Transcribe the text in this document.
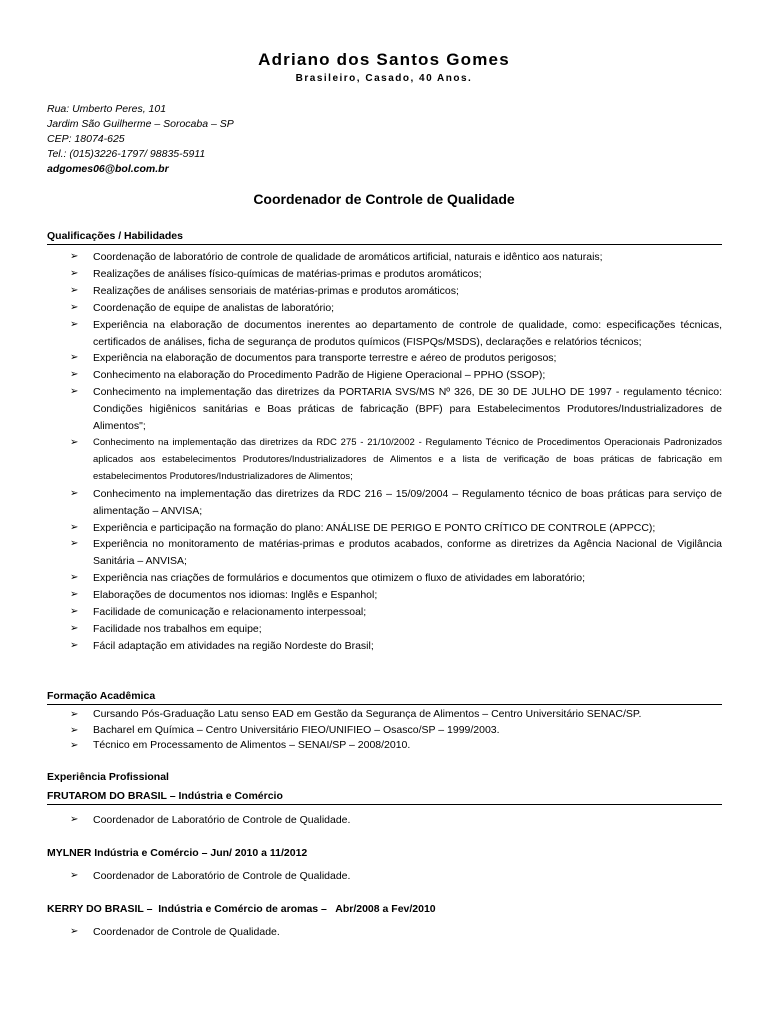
Adriano dos Santos Gomes
Brasileiro, Casado, 40 Anos.
Rua: Umberto Peres, 101
Jardim São Guilherme – Sorocaba – SP
CEP: 18074-625
Tel.: (015)3226-1797/ 98835-5911
adgomes06@bol.com.br
Coordenador de Controle de Qualidade
Qualificações / Habilidades
➢ Coordenação de laboratório de controle de qualidade de aromáticos artificial, naturais e idêntico aos naturais;
➢ Realizações de análises físico-químicas de matérias-primas e produtos aromáticos;
➢ Realizações de análises sensoriais de matérias-primas e produtos aromáticos;
➢ Coordenação de equipe de analistas de laboratório;
➢ Experiência na elaboração de documentos inerentes ao departamento de controle de qualidade, como: especificações técnicas, certificados de análises, ficha de segurança de produtos químicos (FISPQs/MSDS), declarações e relatórios técnicos;
➢ Experiência na elaboração de documentos para transporte terrestre e aéreo de produtos perigosos;
➢ Conhecimento na elaboração do Procedimento Padrão de Higiene Operacional – PPHO (SSOP);
➢ Conhecimento na implementação das diretrizes da PORTARIA SVS/MS Nº 326, DE 30 DE JULHO DE 1997 - regulamento técnico: Condições higiênicos sanitárias e Boas práticas de fabricação (BPF) para Estabelecimentos Produtores/Industrializadores de Alimentos";
➢ Conhecimento na implementação das diretrizes da RDC 275 - 21/10/2002 - Regulamento Técnico de Procedimentos Operacionais Padronizados aplicados aos estabelecimentos Produtores/Industrializadores de Alimentos e a lista de verificação de boas práticas de fabricação em estabelecimentos Produtores/Industrializadores de Alimentos;
➢ Conhecimento na implementação das diretrizes da RDC 216 – 15/09/2004 – Regulamento técnico de boas práticas para serviço de alimentação – ANVISA;
➢ Experiência e participação na formação do plano: ANÁLISE DE PERIGO E PONTO CRÍTICO DE CONTROLE (APPCC);
➢ Experiência no monitoramento de matérias-primas e produtos acabados, conforme as diretrizes da Agência Nacional de Vigilância Sanitária – ANVISA;
➢ Experiência nas criações de formulários e documentos que otimizem o fluxo de atividades em laboratório;
➢ Elaborações de documentos nos idiomas: Inglês e Espanhol;
➢ Facilidade de comunicação e relacionamento interpessoal;
➢ Facilidade nos trabalhos em equipe;
➢ Fácil adaptação em atividades na região Nordeste do Brasil;
Formação Acadêmica
➢ Cursando Pós-Graduação Latu senso EAD em Gestão da Segurança de Alimentos – Centro Universitário SENAC/SP.
➢ Bacharel em Química – Centro Universitário FIEO/UNIFIEO – Osasco/SP – 1999/2003.
➢ Técnico em Processamento de Alimentos – SENAI/SP – 2008/2010.
Experiência Profissional
FRUTAROM DO BRASIL – Indústria e Comércio
➢ Coordenador de Laboratório de Controle de Qualidade.
MYLNER Indústria e Comércio – Jun/ 2010 a 11/2012
➢ Coordenador de Laboratório de Controle de Qualidade.
KERRY DO BRASIL –  Indústria e Comércio de aromas –   Abr/2008 a Fev/2010
➢ Coordenador de Controle de Qualidade.
